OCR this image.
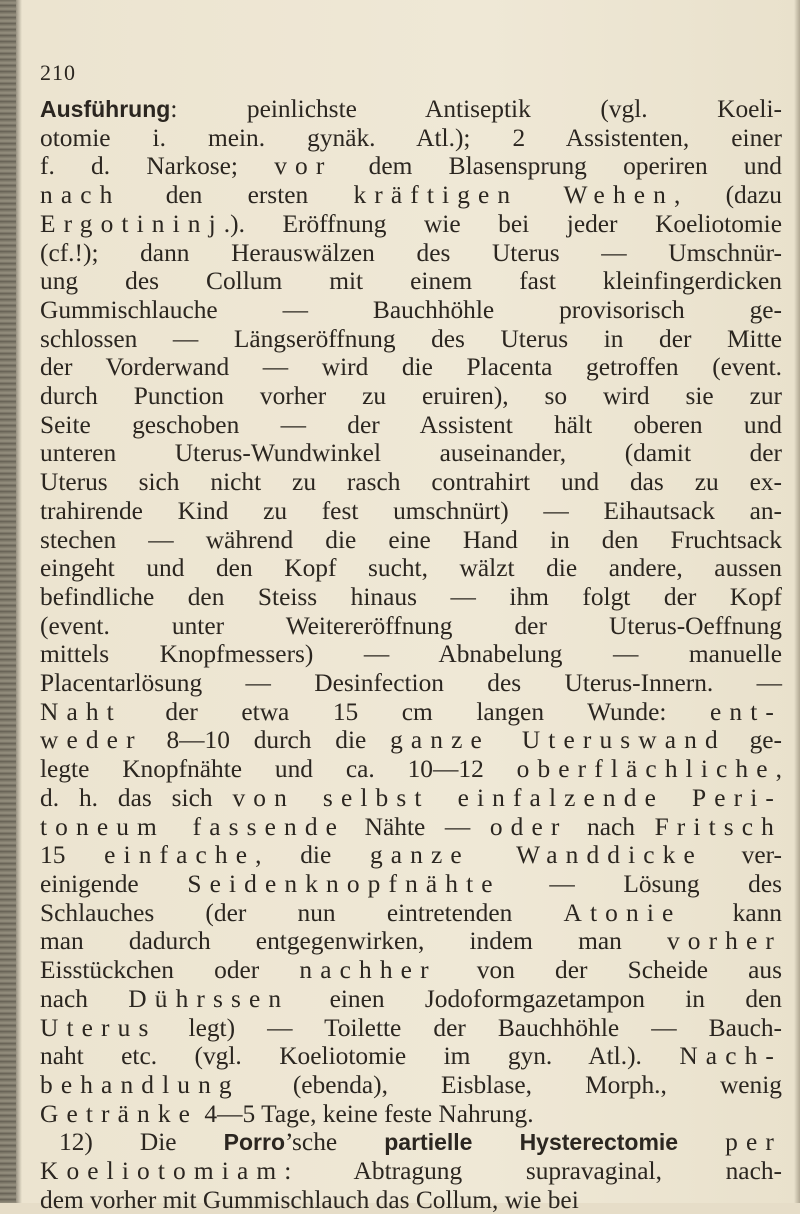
210
Ausführung: peinlichste Antiseptik (vgl. Koeli-
otomie i. mein. gynäk. Atl.); 2 Assistenten, einer
f. d. Narkose; vor dem Blasensprung operiren und
nach den ersten kräftigen Wehen, (dazu
Ergotininj.). Eröffnung wie bei jeder Koeliotomie
(cf.!); dann Herauswälzen des Uterus — Umschnür-
ung des Collum mit einem fast kleinfingerdicken
Gummischlauche — Bauchhöhle provisorisch ge-
schlossen — Längseröffnung des Uterus in der Mitte
der Vorderwand — wird die Placenta getroffen (event.
durch Punction vorher zu eruiren), so wird sie zur
Seite geschoben — der Assistent hält oberen und
unteren Uterus-Wundwinkel auseinander, (damit der
Uterus sich nicht zu rasch contrahirt und das zu ex-
trahirende Kind zu fest umschnürt) — Eihautsack an-
stechen — während die eine Hand in den Fruchtsack
eingeht und den Kopf sucht, wälzt die andere, aussen
befindliche den Steiss hinaus — ihm folgt der Kopf
(event. unter Weitereröffnung der Uterus-Oeffnung
mittels Knopfmessers) — Abnabelung — manuelle
Placentarlösung — Desinfection des Uterus-Innern. —
Naht der etwa 15 cm langen Wunde: ent-
weder 8—10 durch die ganze Uteruswand ge-
legte Knopfnähte und ca. 10—12 oberflächliche,
d. h. das sich von selbst einfalzende Peri-
toneum fassende Nähte — oder nach Fritsch
15 einfache, die ganze Wanddicke ver-
einigende Seidenknopfnähte — Lösung des
Schlauches (der nun eintretenden Atonie kann
man dadurch entgegenwirken, indem man vorher
Eisstückchen oder nachher von der Scheide aus
nach Dührssen einen Jodoformgazetampon in den
Uterus legt) — Toilette der Bauchhöhle — Bauch-
naht etc. (vgl. Koeliotomie im gyn. Atl.). Nach-
behandlung (ebenda), Eisblase, Morph., wenig
Getränke 4—5 Tage, keine feste Nahrung.
12) Die Porro’sche partielle Hysterectomie per
Koeliotomiam: Abtragung supravaginal, nach-
dem vorher mit Gummischlauch das Collum, wie bei
